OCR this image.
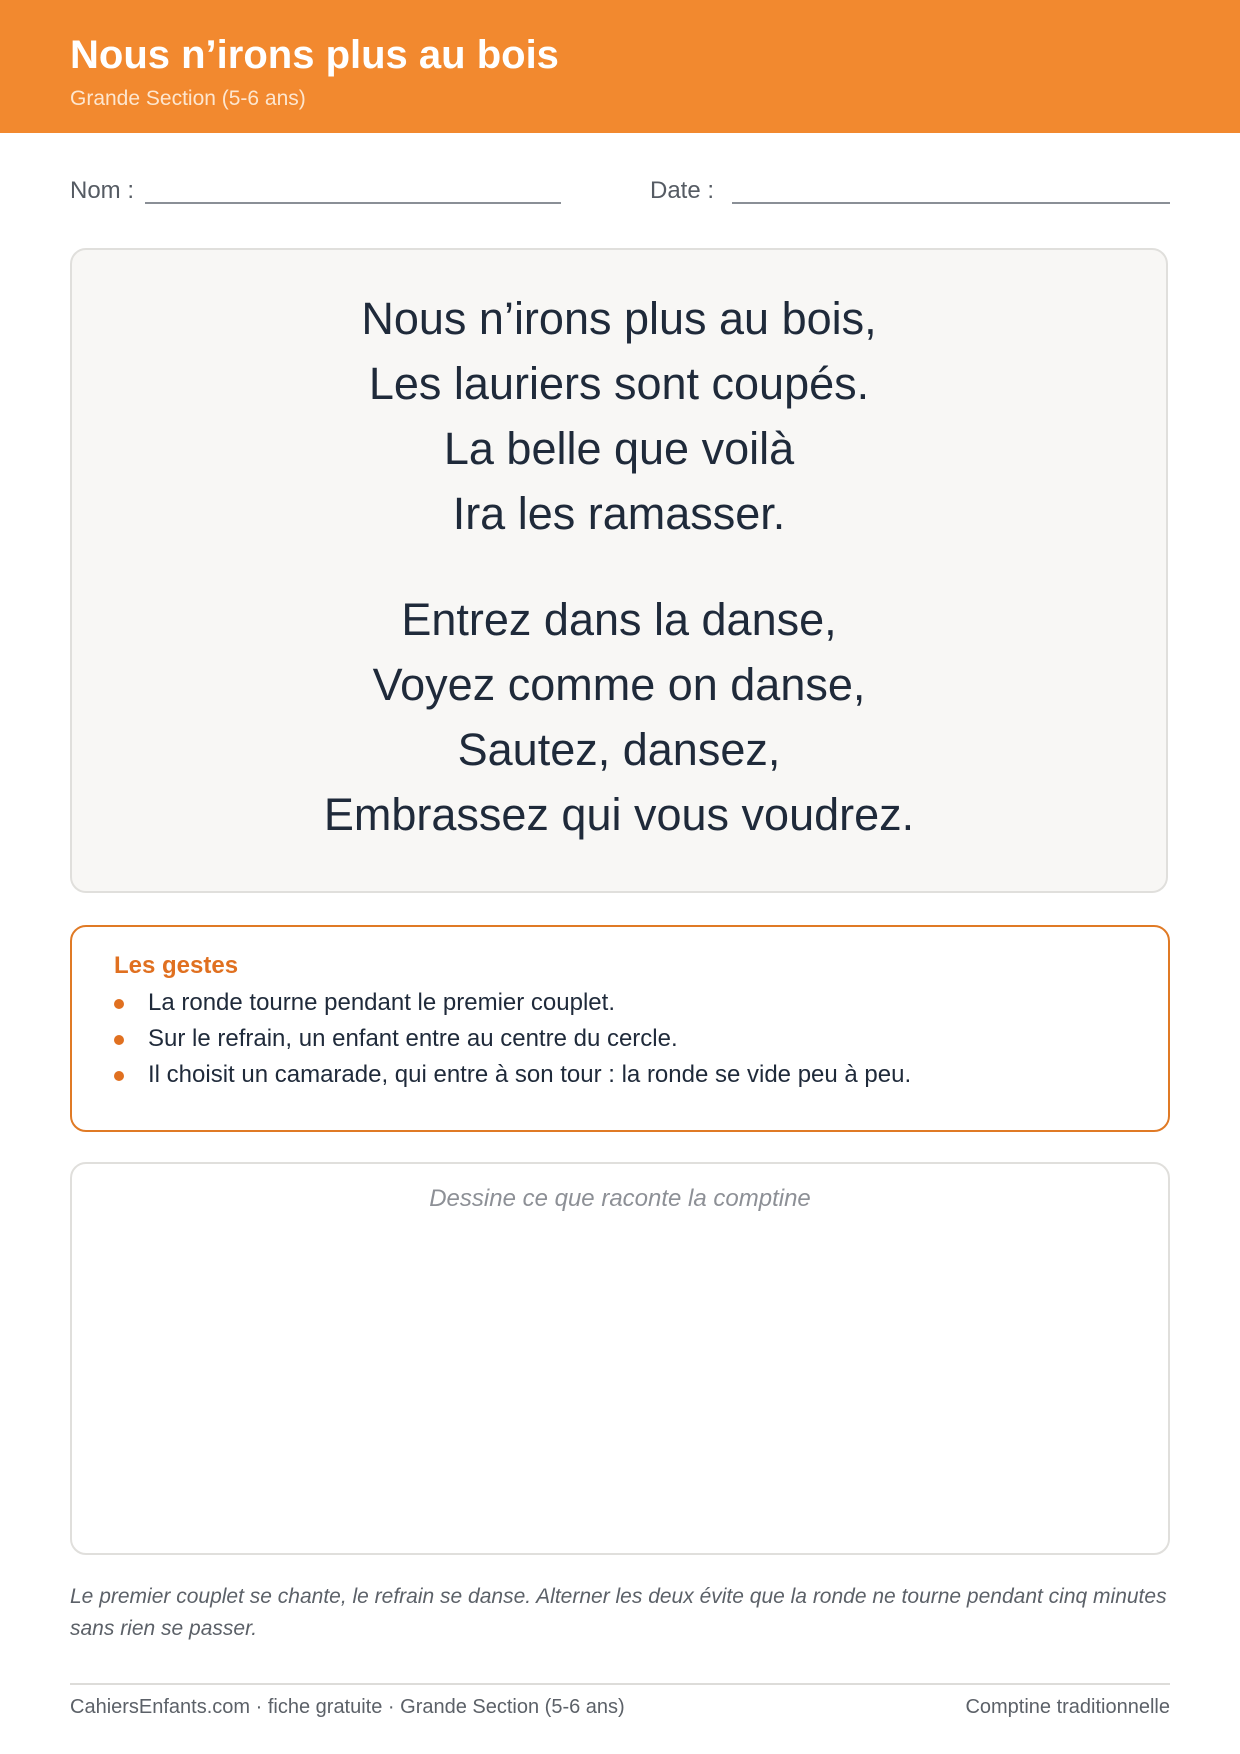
Nous n’irons plus au bois
Grande Section (5-6 ans)
Nom :	Date :
Nous n’irons plus au bois,
Les lauriers sont coupés.
La belle que voilà
Ira les ramasser.
Entrez dans la danse,
Voyez comme on danse,
Sautez, dansez,
Embrassez qui vous voudrez.
Les gestes
La ronde tourne pendant le premier couplet.
Sur le refrain, un enfant entre au centre du cercle.
Il choisit un camarade, qui entre à son tour : la ronde se vide peu à peu.
Dessine ce que raconte la comptine
Le premier couplet se chante, le refrain se danse. Alterner les deux évite que la ronde ne tourne pendant cinq minutes sans rien se passer.
CahiersEnfants.com · fiche gratuite · Grande Section (5-6 ans)	Comptine traditionnelle
